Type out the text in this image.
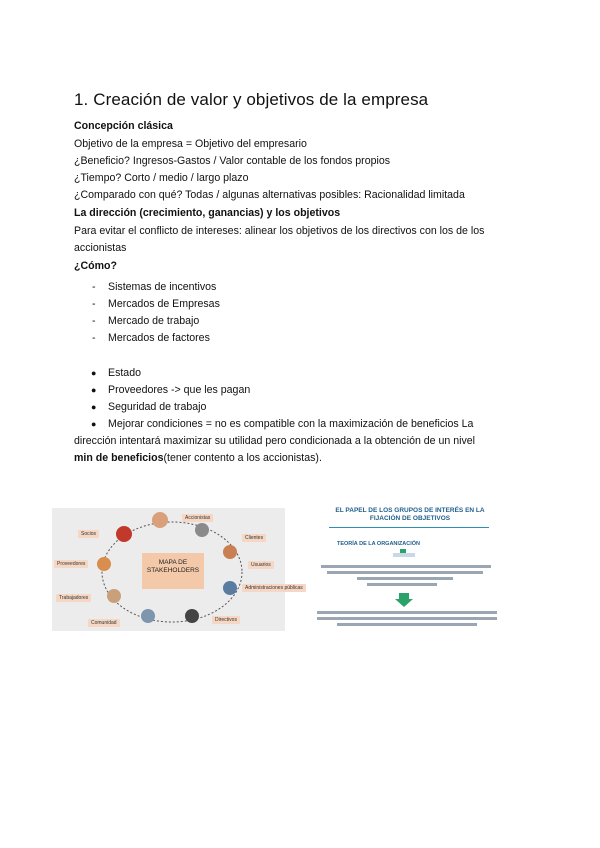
1. Creación de valor y objetivos de la empresa
Concepción clásica
Objetivo de la empresa = Objetivo del empresario
¿Beneficio? Ingresos-Gastos / Valor contable de los fondos propios
¿Tiempo? Corto / medio / largo plazo
¿Comparado con qué? Todas / algunas alternativas posibles: Racionalidad limitada
La dirección (crecimiento, ganancias) y los objetivos
Para evitar el conflicto de intereses: alinear los objetivos de los directivos con los de los
accionistas
¿Cómo?
- Sistemas de incentivos
- Mercados de Empresas
- Mercado de trabajo
- Mercados de factores
● Estado
● Proveedores -> que les pagan
● Seguridad de trabajo
● Mejorar condiciones = no es compatible con la maximización de beneficios La
dirección intentará maximizar su utilidad pero condicionada a la obtención de un nivel
min de beneficios(tener contento a los accionistas).
MAPA DE
STAKEHOLDERS
Accionistas
Clientes
Usuarios
Administraciones públicas
Directivos
Comunidad
Trabajadores
Proveedores
Socios
EL PAPEL DE LOS GRUPOS DE INTERÉS EN LA
FIJACIÓN DE OBJETIVOS
TEORÍA DE LA ORGANIZACIÓN
